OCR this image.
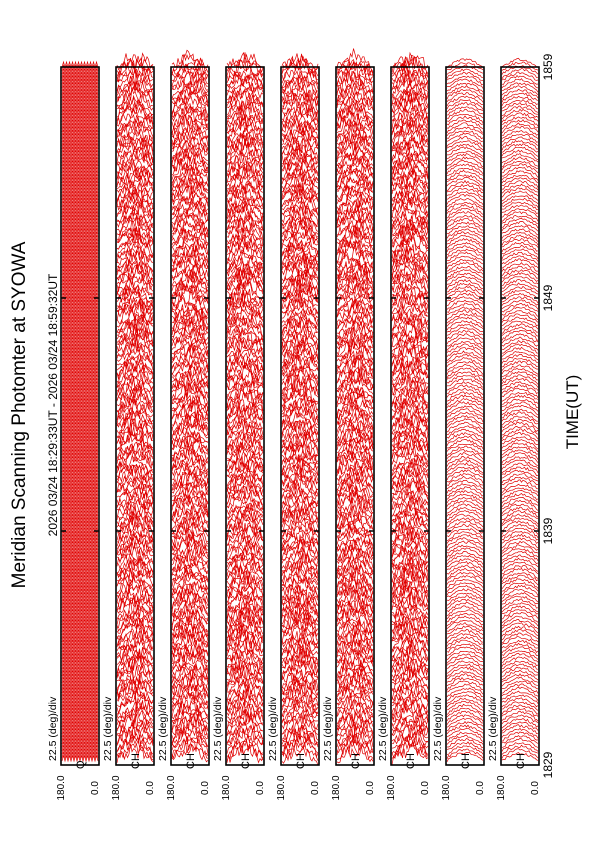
Meridian Scanning Photomter at SYOWA 2026 03/24 18:29:33UT - 2026 03/24 18:59:32UT	TIME(UT)
22.5 (deg)/div
180.0 0.0
Q
22.5 (deg)/div
180.0 0.0
CH
22.5 (deg)/div
180.0 0.0
CH
22.5 (deg)/div
180.0 0.0
CH
22.5 (deg)/div
180.0 0.0
CH
22.5 (deg)/div
180.0 0.0
CH
22.5 (deg)/div
180.0 0.0
CH
22.5 (deg)/div
180.0 0.0
CH
22.5 (deg)/div
180.0 0.0
CH 1829
1839
1849
1859
